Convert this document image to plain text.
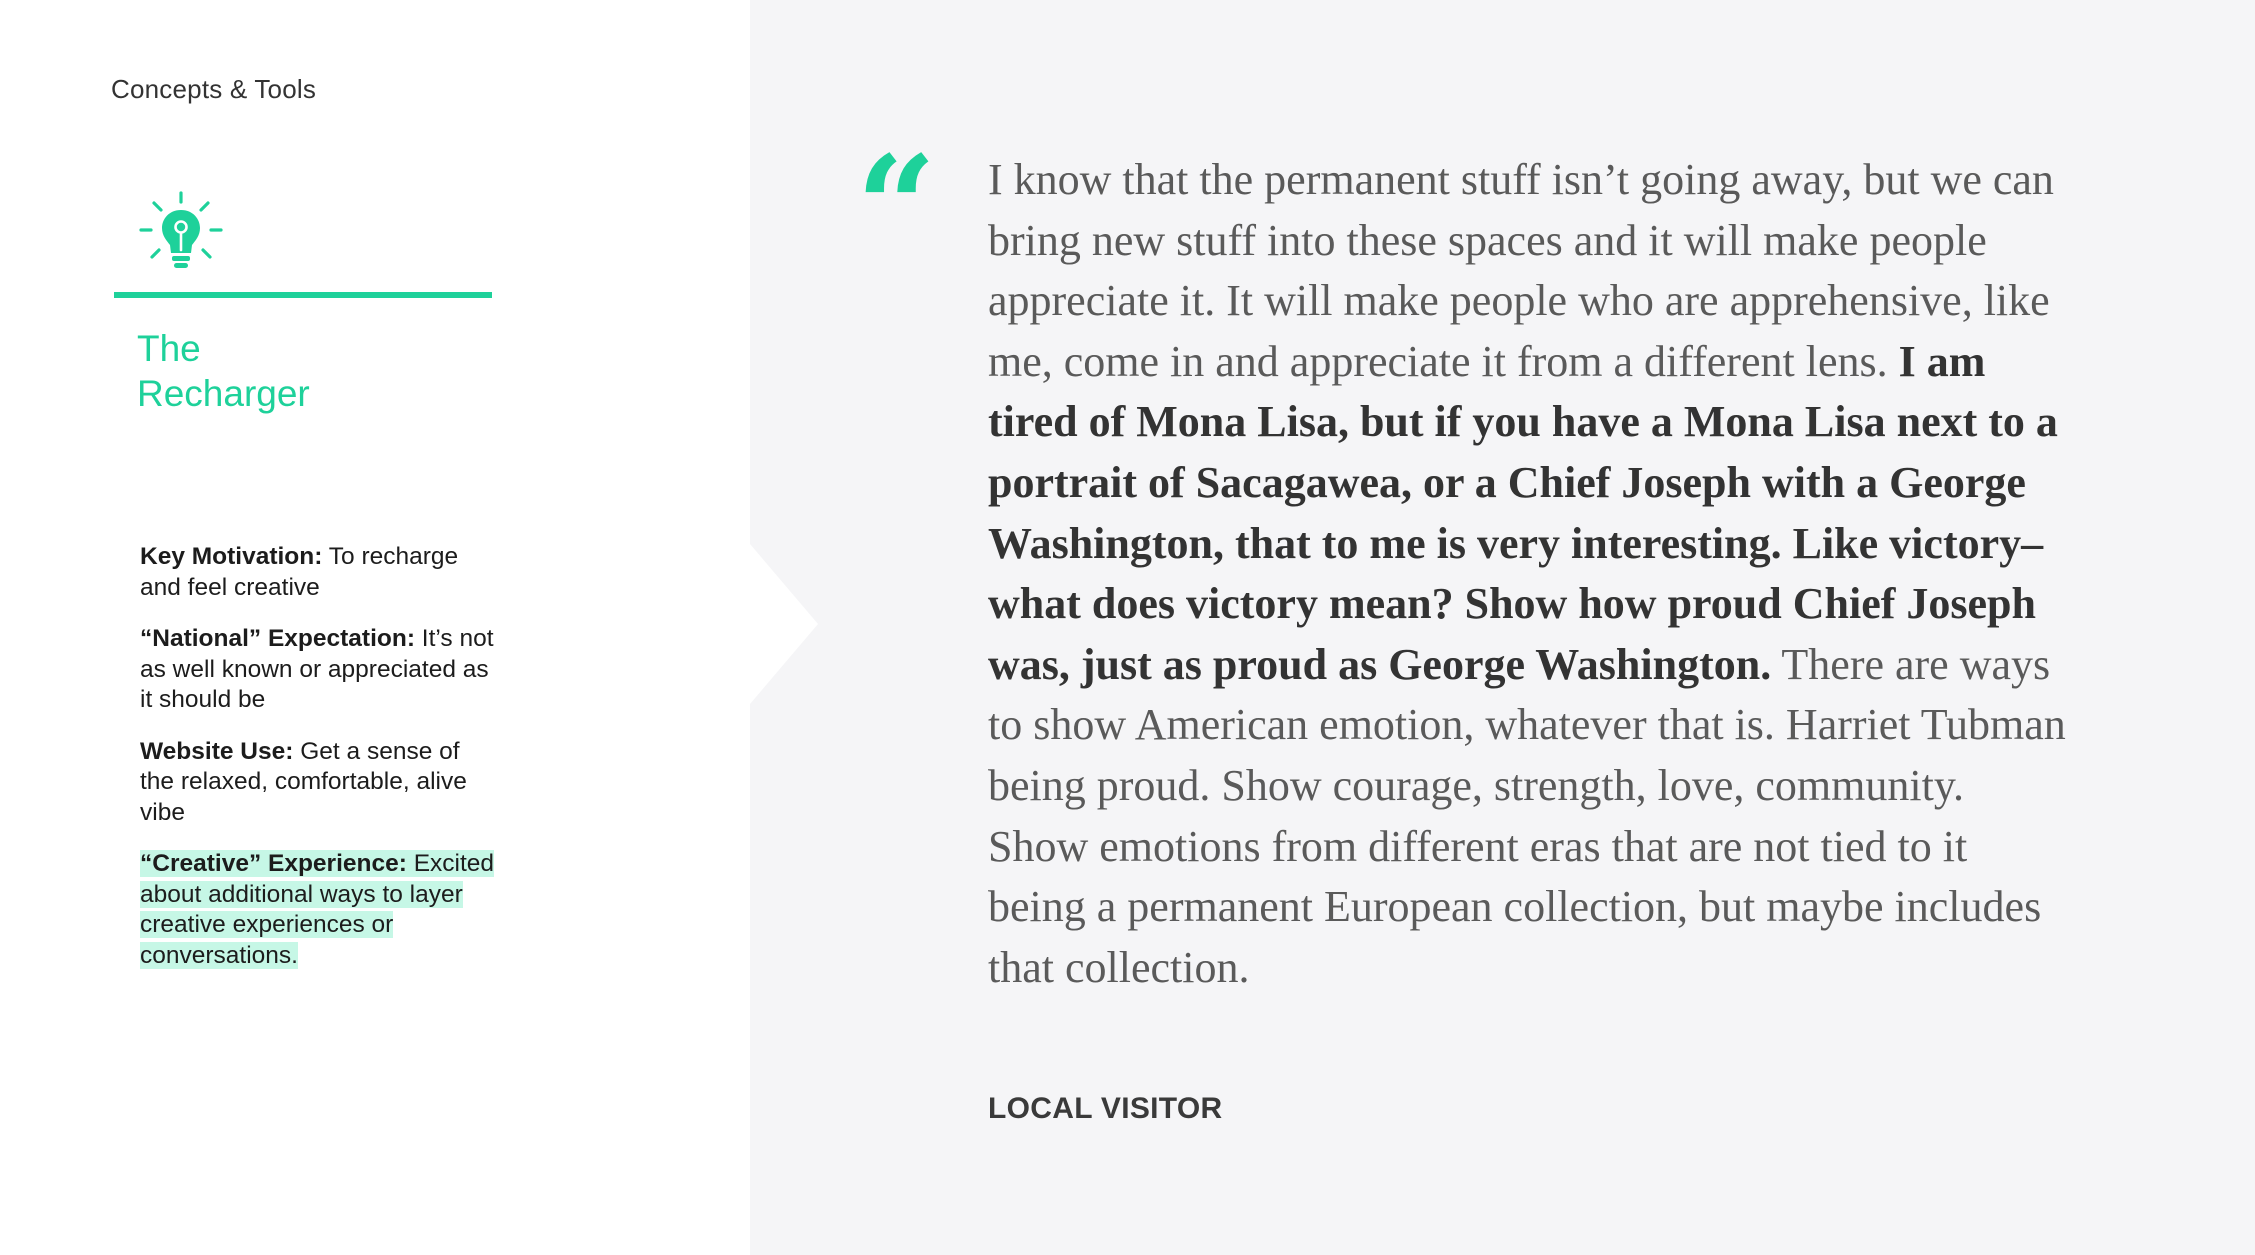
Concepts & Tools
The
Recharger

Key Motivation: To recharge and feel creative

“National” Expectation: It’s not as well known or appreciated as it should be

Website Use: Get a sense of the relaxed, comfortable, alive vibe

“Creative” Experience: Excited about additional ways to layer creative experiences or conversations.

“ I know that the permanent stuff isn’t going away, but we can bring new stuff into these spaces and it will make people appreciate it. It will make people who are apprehensive, like me, come in and appreciate it from a different lens. I am tired of Mona Lisa, but if you have a Mona Lisa next to a portrait of Sacagawea, or a Chief Joseph with a George Washington, that to me is very interesting. Like victory–what does victory mean? Show how proud Chief Joseph was, just as proud as George Washington. There are ways to show American emotion, whatever that is. Harriet Tubman being proud. Show courage, strength, love, community. Show emotions from different eras that are not tied to it being a permanent European collection, but maybe includes that collection.

LOCAL VISITOR
